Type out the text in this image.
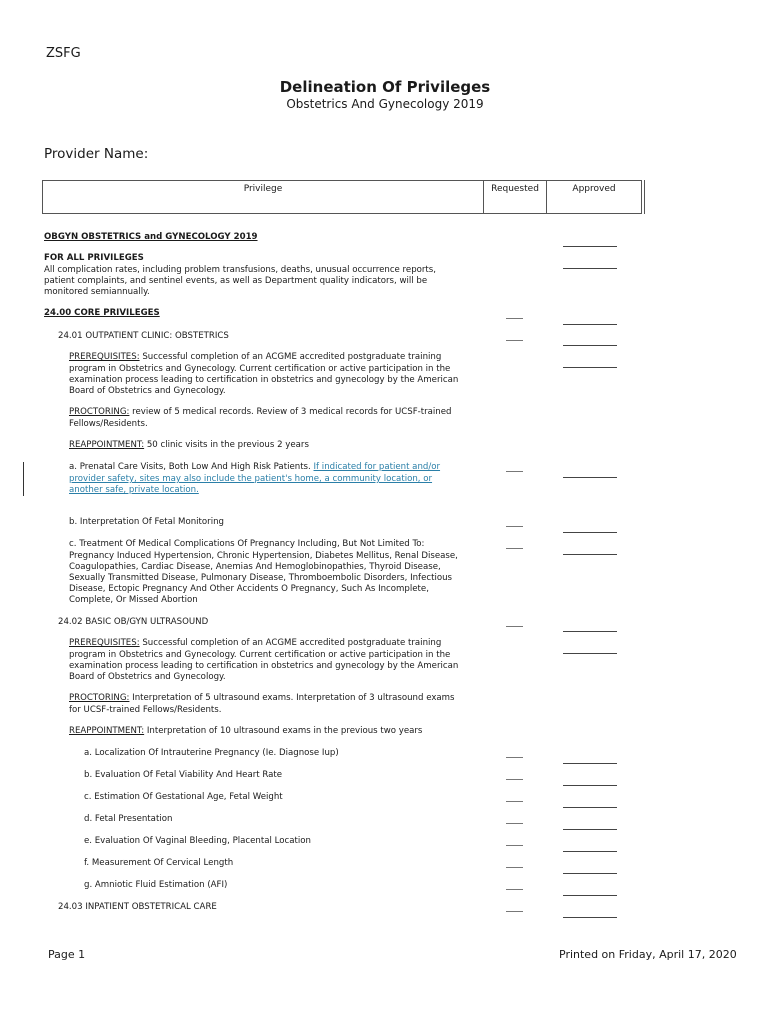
ZSFG
Delineation Of Privileges
Obstetrics And Gynecology 2019
Provider Name:
Privilege	Requested	Approved
OBGYN OBSTETRICS and GYNECOLOGY 2019
FOR ALL PRIVILEGES
All complication rates, including problem transfusions, deaths, unusual occurrence reports,
patient complaints, and sentinel events, as well as Department quality indicators, will be
monitored semiannually.
24.00 CORE PRIVILEGES
24.01 OUTPATIENT CLINIC: OBSTETRICS
PREREQUISITES: Successful completion of an ACGME accredited postgraduate training
program in Obstetrics and Gynecology. Current certification or active participation in the
examination process leading to certification in obstetrics and gynecology by the American
Board of Obstetrics and Gynecology.
PROCTORING: review of 5 medical records. Review of 3 medical records for UCSF-trained
Fellows/Residents.
REAPPOINTMENT: 50 clinic visits in the previous 2 years
a. Prenatal Care Visits, Both Low And High Risk Patients. If indicated for patient and/or
provider safety, sites may also include the patient's home, a community location, or
another safe, private location.
b. Interpretation Of Fetal Monitoring
c. Treatment Of Medical Complications Of Pregnancy Including, But Not Limited To:
Pregnancy Induced Hypertension, Chronic Hypertension, Diabetes Mellitus, Renal Disease,
Coagulopathies, Cardiac Disease, Anemias And Hemoglobinopathies, Thyroid Disease,
Sexually Transmitted Disease, Pulmonary Disease, Thromboembolic Disorders, Infectious
Disease, Ectopic Pregnancy And Other Accidents O Pregnancy, Such As Incomplete,
Complete, Or Missed Abortion
24.02 BASIC OB/GYN ULTRASOUND
PREREQUISITES: Successful completion of an ACGME accredited postgraduate training
program in Obstetrics and Gynecology. Current certification or active participation in the
examination process leading to certification in obstetrics and gynecology by the American
Board of Obstetrics and Gynecology.
PROCTORING: Interpretation of 5 ultrasound exams. Interpretation of 3 ultrasound exams
for UCSF-trained Fellows/Residents.
REAPPOINTMENT: Interpretation of 10 ultrasound exams in the previous two years
a. Localization Of Intrauterine Pregnancy (Ie. Diagnose Iup)
b. Evaluation Of Fetal Viability And Heart Rate
c. Estimation Of Gestational Age, Fetal Weight
d. Fetal Presentation
e. Evaluation Of Vaginal Bleeding, Placental Location
f. Measurement Of Cervical Length
g. Amniotic Fluid Estimation (AFI)
24.03 INPATIENT OBSTETRICAL CARE
Page 1	Printed on Friday, April 17, 2020
